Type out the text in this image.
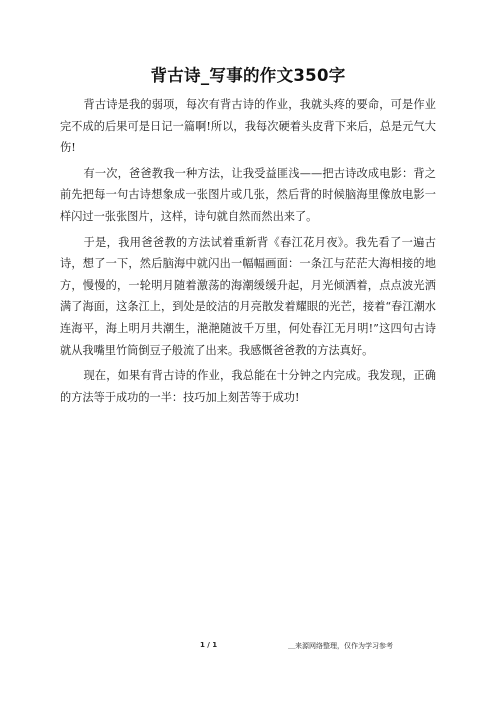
背古诗_写事的作文350字

背古诗是我的弱项，每次有背古诗的作业，我就头疼的要命，可是作业完不成的后果可是日记一篇啊!所以，我每次硬着头皮背下来后，总是元气大伤!

有一次，爸爸教我一种方法，让我受益匪浅——把古诗改成电影：背之前先把每一句古诗想象成一张图片或几张，然后背的时候脑海里像放电影一样闪过一张张图片，这样，诗句就自然而然出来了。

于是，我用爸爸教的方法试着重新背《春江花月夜》。我先看了一遍古诗，想了一下，然后脑海中就闪出一幅幅画面：一条江与茫茫大海相接的地方，慢慢的，一轮明月随着激荡的海潮缓缓升起，月光倾洒着，点点波光洒满了海面，这条江上，到处是皎洁的月亮散发着耀眼的光芒，接着“春江潮水连海平，海上明月共潮生，滟滟随波千万里，何处春江无月明!”这四句古诗就从我嘴里竹筒倒豆子般流了出来。我感慨爸爸教的方法真好。

现在，如果有背古诗的作业，我总能在十分钟之内完成。我发现，正确的方法等于成功的一半：技巧加上刻苦等于成功!

1 / 1	＿来源网络整理，仅作为学习参考
